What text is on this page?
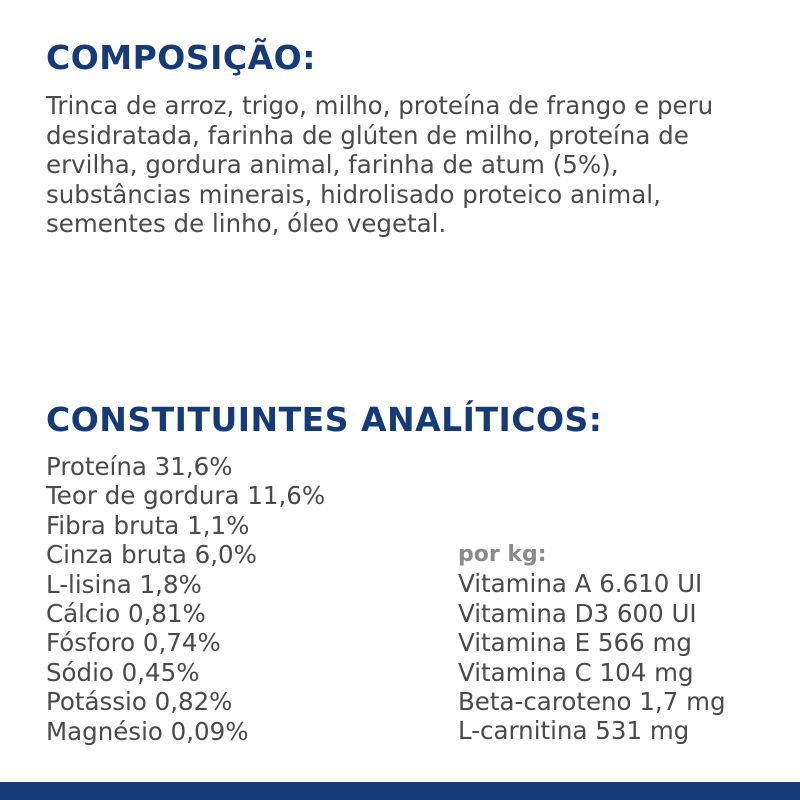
COMPOSIÇÃO:

Trinca de arroz, trigo, milho, proteína de frango e peru desidratada, farinha de glúten de milho, proteína de ervilha, gordura animal, farinha de atum (5%), substâncias minerais, hidrolisado proteico animal, sementes de linho, óleo vegetal.

CONSTITUINTES ANALÍTICOS:
Proteína 31,6%
Teor de gordura 11,6%
Fibra bruta 1,1%
Cinza bruta 6,0%
L-lisina 1,8%
Cálcio 0,81%
Fósforo 0,74%
Sódio 0,45%
Potássio 0,82%
Magnésio 0,09%
por kg:
Vitamina A 6.610 UI
Vitamina D3 600 UI
Vitamina E 566 mg
Vitamina C 104 mg
Beta-caroteno 1,7 mg
L-carnitina 531 mg
